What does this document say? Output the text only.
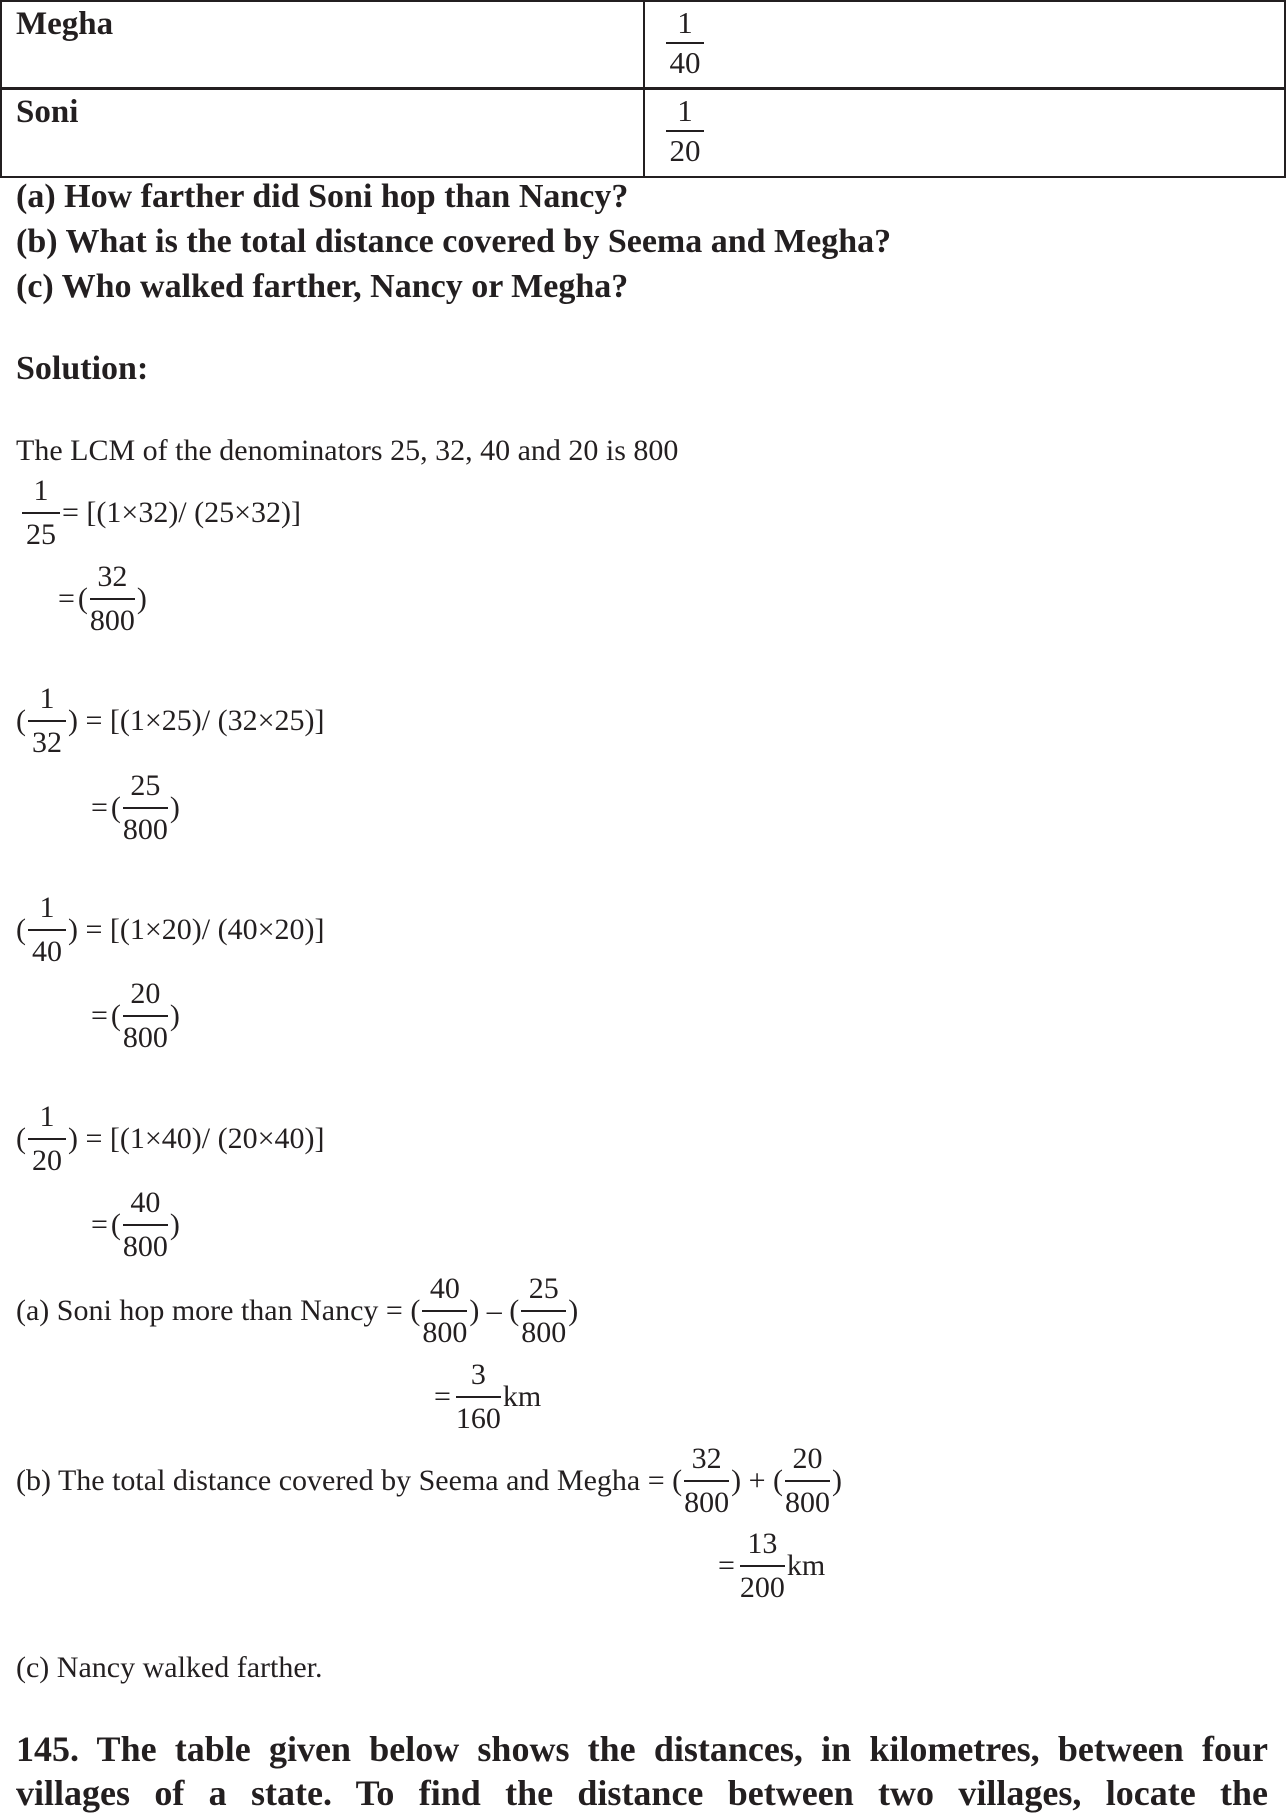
Megha	1
40
Soni	1
20
(a) How farther did Soni hop than Nancy?
(b) What is the total distance covered by Seema and Megha?
(c) Who walked farther, Nancy or Megha?
Solution:
The LCM of the denominators 25, 32, 40 and 20 is 800
1
25
= [(1×32)/ (25×32)]
= (
32
800
)
(
1
32
) = [(1×25)/ (32×25)]
= (
25
800
)
(
1
40
) = [(1×20)/ (40×20)]
= (
20
800
)
(
1
20
) = [(1×40)/ (20×40)]
= (
40
800
)
(a) Soni hop more than Nancy = (
40
800
) – (
25
800
)
=
3
160
km
(b) The total distance covered by Seema and Megha = (
32
800
) + (
20
800
)
=
13
200
km
(c) Nancy walked farther.
145. The table given below shows the distances, in kilometres, between four
villages of a state. To find the distance between two villages, locate the
